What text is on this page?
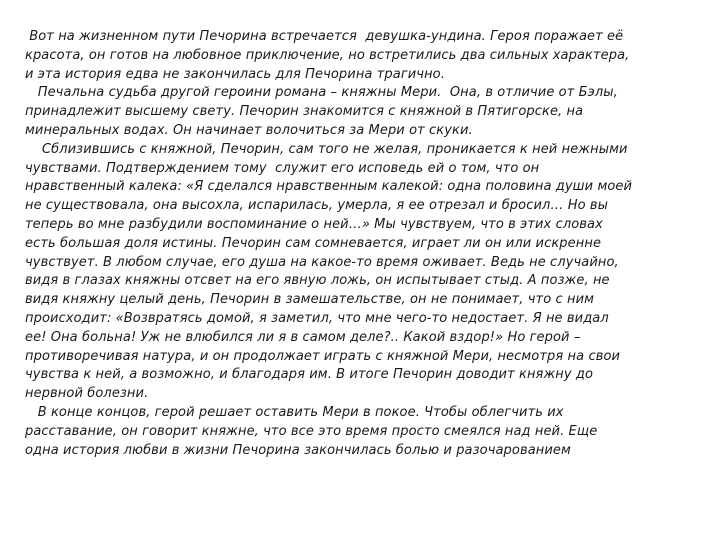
Вот на жизненном пути Печорина встречается  девушка-ундина. Героя поражает её
красота, он готов на любовное приключение, но встретились два сильных характера,
и эта история едва не закончилась для Печорина трагично.
Печальна судьба другой героини романа – княжны Мери.  Она, в отличие от Бэлы,
принадлежит высшему свету. Печорин знакомится с княжной в Пятигорске, на
минеральных водах. Он начинает волочиться за Мери от скуки.
Сблизившись с княжной, Печорин, сам того не желая, проникается к ней нежными
чувствами. Подтверждением тому  служит его исповедь ей о том, что он
нравственный калека: «Я сделался нравственным калекой: одна половина души моей
не существовала, она высохла, испарилась, умерла, я ее отрезал и бросил… Но вы
теперь во мне разбудили воспоминание о ней…» Мы чувствуем, что в этих словах
есть большая доля истины. Печорин сам сомневается, играет ли он или искренне
чувствует. В любом случае, его душа на какое-то время оживает. Ведь не случайно,
видя в глазах княжны отсвет на его явную ложь, он испытывает стыд. А позже, не
видя княжну целый день, Печорин в замешательстве, он не понимает, что с ним
происходит: «Возвратясь домой, я заметил, что мне чего-то недостает. Я не видал
ее! Она больна! Уж не влюбился ли я в самом деле?.. Какой вздор!» Но герой –
противоречивая натура, и он продолжает играть с княжной Мери, несмотря на свои
чувства к ней, а возможно, и благодаря им. В итоге Печорин доводит княжну до
нервной болезни.
В конце концов, герой решает оставить Мери в покое. Чтобы облегчить их
расставание, он говорит княжне, что все это время просто смеялся над ней. Еще
одна история любви в жизни Печорина закончилась болью и разочарованием
